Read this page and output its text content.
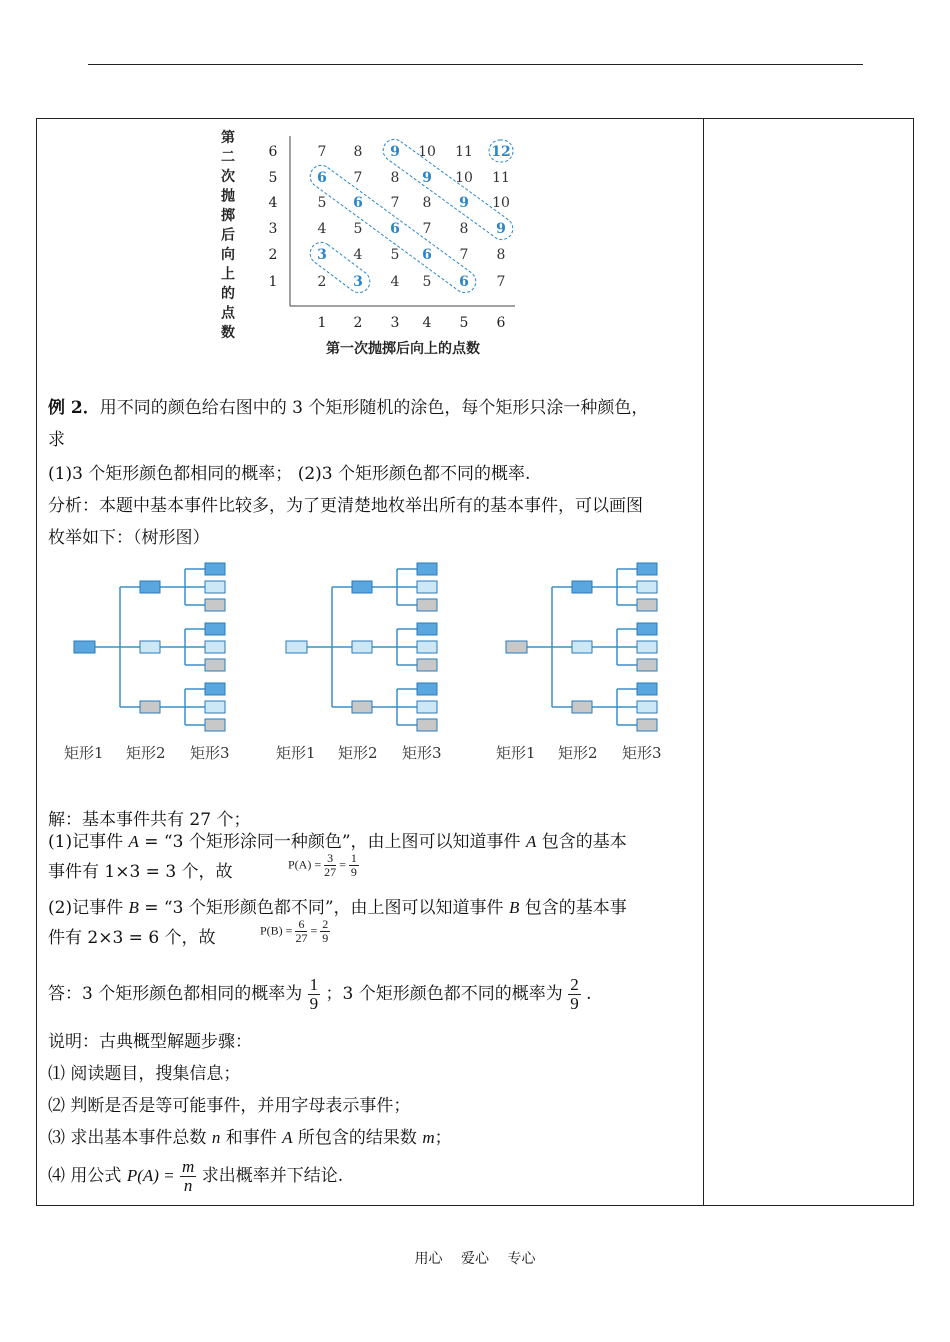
第
二
次
抛
掷
后
向
上
的
点
数
1
2
3
4
5
6
1 2 3 4 5 6
第一次抛掷后向上的点数
2 3 4 5 6 7
3 4 5 6 7 8
4 5 6 7 8 9
5 6 7 8 9 10
6 7 8 9 10 11
7 8 9 10 11 12
例 2．用不同的颜色给右图中的 3 个矩形随机的涂色，每个矩形只涂一种颜色，
求
(1)3 个矩形颜色都相同的概率； (2)3 个矩形颜色都不同的概率.
分析：本题中基本事件比较多，为了更清楚地枚举出所有的基本事件，可以画图
枚举如下：（树形图）
矩形1 矩形2 矩形3	矩形1 矩形2 矩形3	矩形1 矩形2 矩形3
解：基本事件共有 27 个；
(1)记事件 A = “3 个矩形涂同一种颜色”，由上图可以知道事件 A 包含的基本
事件有 1×3 = 3 个，故
(2)记事件 B = “3 个矩形颜色都不同”，由上图可以知道事件 B 包含的基本事
件有 2×3 = 6 个，故
答：3 个矩形颜色都相同的概率为 $\frac{1}{9}$ ；3 个矩形颜色都不同的概率为 $\frac{2}{9}$ .
说明：古典概型解题步骤：
⑴ 阅读题目，搜集信息；
⑵ 判断是否是等可能事件，并用字母表示事件；
⑶ 求出基本事件总数 n 和事件 A 所包含的结果数 m；
⑷ 用公式 $P(A) = \frac{m}{n}$ 求出概率并下结论.
$P(A) = \frac{3}{27} = \frac{1}{9}$
$P(B) = \frac{6}{27} = \frac{2}{9}$
用心 爱心 专心
